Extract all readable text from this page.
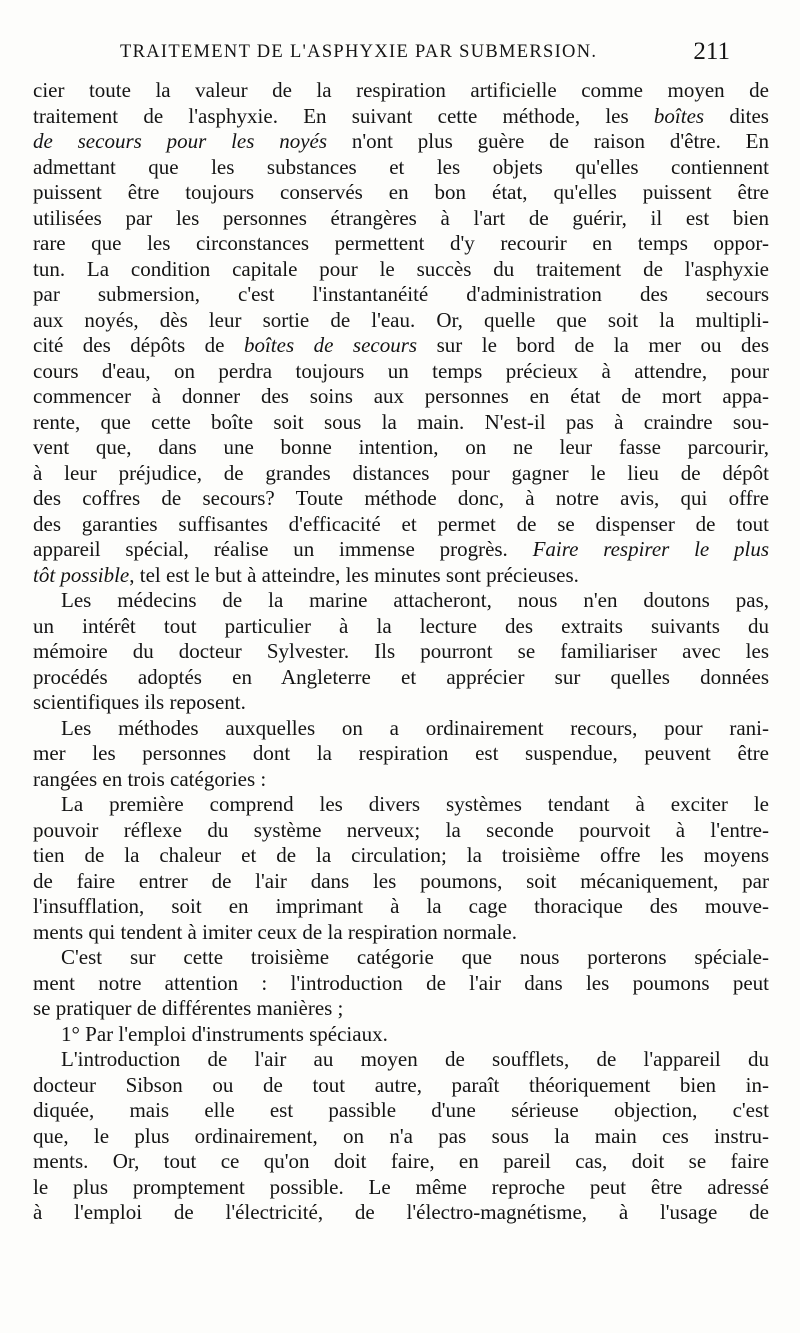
TRAITEMENT DE L'ASPHYXIE PAR SUBMERSION.	211
cier toute la valeur de la respiration artificielle comme moyen de
traitement de l'asphyxie. En suivant cette méthode, les boîtes dites
de secours pour les noyés n'ont plus guère de raison d'être. En
admettant que les substances et les objets qu'elles contiennent
puissent être toujours conservés en bon état, qu'elles puissent être
utilisées par les personnes étrangères à l'art de guérir, il est bien
rare que les circonstances permettent d'y recourir en temps oppor-
tun. La condition capitale pour le succès du traitement de l'asphyxie
par submersion, c'est l'instantanéité d'administration des secours
aux noyés, dès leur sortie de l'eau. Or, quelle que soit la multipli-
cité des dépôts de boîtes de secours sur le bord de la mer ou des
cours d'eau, on perdra toujours un temps précieux à attendre, pour
commencer à donner des soins aux personnes en état de mort appa-
rente, que cette boîte soit sous la main. N'est-il pas à craindre sou-
vent que, dans une bonne intention, on ne leur fasse parcourir,
à leur préjudice, de grandes distances pour gagner le lieu de dépôt
des coffres de secours? Toute méthode donc, à notre avis, qui offre
des garanties suffisantes d'efficacité et permet de se dispenser de tout
appareil spécial, réalise un immense progrès. Faire respirer le plus
tôt possible, tel est le but à atteindre, les minutes sont précieuses.
Les médecins de la marine attacheront, nous n'en doutons pas,
un intérêt tout particulier à la lecture des extraits suivants du
mémoire du docteur Sylvester. Ils pourront se familiariser avec les
procédés adoptés en Angleterre et apprécier sur quelles données
scientifiques ils reposent.
Les méthodes auxquelles on a ordinairement recours, pour rani-
mer les personnes dont la respiration est suspendue, peuvent être
rangées en trois catégories :
La première comprend les divers systèmes tendant à exciter le
pouvoir réflexe du système nerveux; la seconde pourvoit à l'entre-
tien de la chaleur et de la circulation; la troisième offre les moyens
de faire entrer de l'air dans les poumons, soit mécaniquement, par
l'insufflation, soit en imprimant à la cage thoracique des mouve-
ments qui tendent à imiter ceux de la respiration normale.
C'est sur cette troisième catégorie que nous porterons spéciale-
ment notre attention : l'introduction de l'air dans les poumons peut
se pratiquer de différentes manières ;
1° Par l'emploi d'instruments spéciaux.
L'introduction de l'air au moyen de soufflets, de l'appareil du
docteur Sibson ou de tout autre, paraît théoriquement bien in-
diquée, mais elle est passible d'une sérieuse objection, c'est
que, le plus ordinairement, on n'a pas sous la main ces instru-
ments. Or, tout ce qu'on doit faire, en pareil cas, doit se faire
le plus promptement possible. Le même reproche peut être adressé
à l'emploi de l'électricité, de l'électro-magnétisme, à l'usage de
